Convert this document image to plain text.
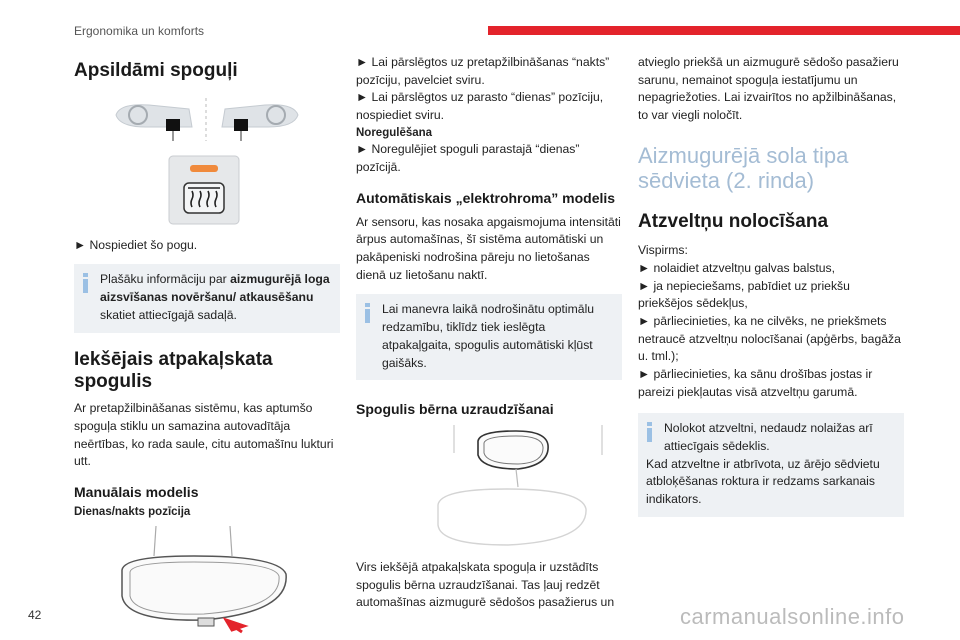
Ergonomika un komforts
Apsildāmi spoguļi

► Nospiediet šo pogu.

Plašāku informāciju par aizmugurējā loga aizsvīšanas novēršanu/ atkausēšanu skatiet attiecīgajā sadaļā.

Iekšējais atpakaļskata spogulis

Ar pretapžilbināšanas sistēmu, kas aptumšo spoguļa stiklu un samazina autovadītāja neērtības, ko rada saule, citu automašīnu lukturi utt.

Manuālais modelis

Dienas/nakts pozīcija

► Lai pārslēgtos uz pretapžilbināšanas “nakts” pozīciju, pavelciet sviru.

► Lai pārslēgtos uz parasto “dienas” pozīciju, nospiediet sviru.

Noregulēšana

► Noregulējiet spoguli parastajā “dienas” pozīcijā.

Automātiskais „elektrohroma” modelis

Ar sensoru, kas nosaka apgaismojuma intensitāti ārpus automašīnas, šī sistēma automātiski un pakāpeniski nodrošina pāreju no lietošanas dienā uz lietošanu naktī.

Lai manevra laikā nodrošinātu optimālu redzamību, tiklīdz tiek ieslēgta atpakaļgaita, spogulis automātiski kļūst gaišāks.

Spogulis bērna uzraudzīšanai

Virs iekšējā atpakaļskata spoguļa ir uzstādīts spogulis bērna uzraudzīšanai. Tas ļauj redzēt automašīnas aizmugurē sēdošos pasažierus un

atvieglo priekšā un aizmugurē sēdošo pasažieru sarunu, nemainot spoguļa iestatījumu un nepagriežoties. Lai izvairītos no apžilbināšanas, to var viegli noločīt.

Aizmugurējā sola tipa sēdvieta (2. rinda)
Atzveltņu nolocīšana

Vispirms:

► nolaidiet atzveltņu galvas balstus,

► ja nepieciešams, pabīdiet uz priekšu priekšējos sēdekļus,

► pārliecinieties, ka ne cilvēks, ne priekšmets netraucē atzveltņu nolocīšanai (apģērbs, bagāža u. tml.);

► pārliecinieties, ka sānu drošības jostas ir pareizi piekļautas visā atzveltņu garumā.

Nolokot atzveltni, nedaudz nolaižas arī attiecīgais sēdeklis.

Kad atzveltne ir atbrīvota, uz ārējo sēdvietu atbloķēšanas roktura ir redzams sarkanais indikators.

42	carmanualsonline.info
